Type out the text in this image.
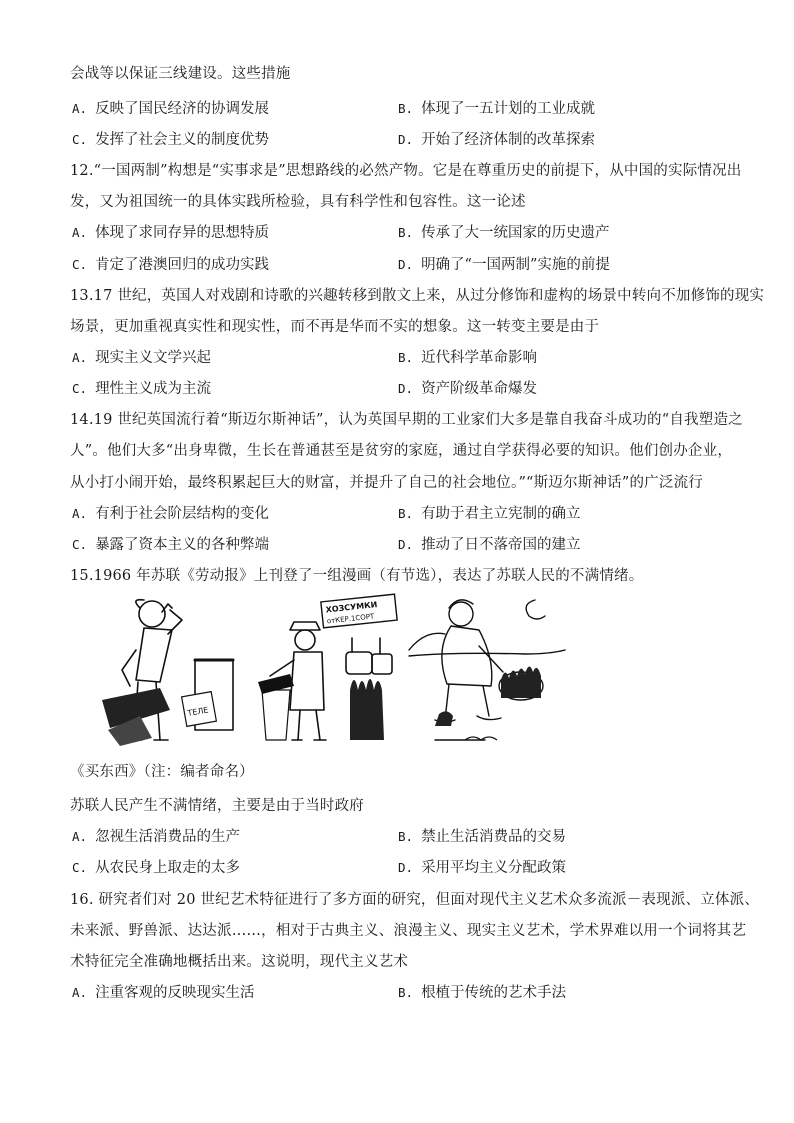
会战等以保证三线建设。这些措施
A. 反映了国民经济的协调发展	B. 体现了一五计划的工业成就
C. 发挥了社会主义的制度优势	D. 开始了经济体制的改革探索
12.“一国两制”构想是“实事求是”思想路线的必然产物。它是在尊重历史的前提下，从中国的实际情况出
发，又为祖国统一的具体实践所检验，具有科学性和包容性。这一论述
A. 体现了求同存异的思想特质	B. 传承了大一统国家的历史遗产
C. 肯定了港澳回归的成功实践	D. 明确了“一国两制”实施的前提
13.17 世纪，英国人对戏剧和诗歌的兴趣转移到散文上来，从过分修饰和虚构的场景中转向不加修饰的现实
场景，更加重视真实性和现实性，而不再是华而不实的想象。这一转变主要是由于
A. 现实主义文学兴起	B. 近代科学革命影响
C. 理性主义成为主流	D. 资产阶级革命爆发
14.19 世纪英国流行着“斯迈尔斯神话”，认为英国早期的工业家们大多是靠自我奋斗成功的“自我塑造之
人”。他们大多“出身卑微，生长在普通甚至是贫穷的家庭，通过自学获得必要的知识。他们创办企业，
从小打小闹开始，最终积累起巨大的财富，并提升了自己的社会地位。”“斯迈尔斯神话”的广泛流行
A. 有利于社会阶层结构的变化	B. 有助于君主立宪制的确立
C. 暴露了资本主义的各种弊端	D. 推动了日不落帝国的建立
15.1966 年苏联《劳动报》上刊登了一组漫画（有节选），表达了苏联人民的不满情绪。
ТЕЛЕ
ХОЗСУМКИ
отКЕР.1СОРТ
《买东西》（注：编者命名）
苏联人民产生不满情绪，主要是由于当时政府
A. 忽视生活消费品的生产	B. 禁止生活消费品的交易
C. 从农民身上取走的太多	D. 采用平均主义分配政策
16. 研究者们对 20 世纪艺术特征进行了多方面的研究，但面对现代主义艺术众多流派－表现派、立体派、
未来派、野兽派、达达派……，相对于古典主义、浪漫主义、现实主义艺术，学术界难以用一个词将其艺
术特征完全准确地概括出来。这说明，现代主义艺术
A. 注重客观的反映现实生活	B. 根植于传统的艺术手法
